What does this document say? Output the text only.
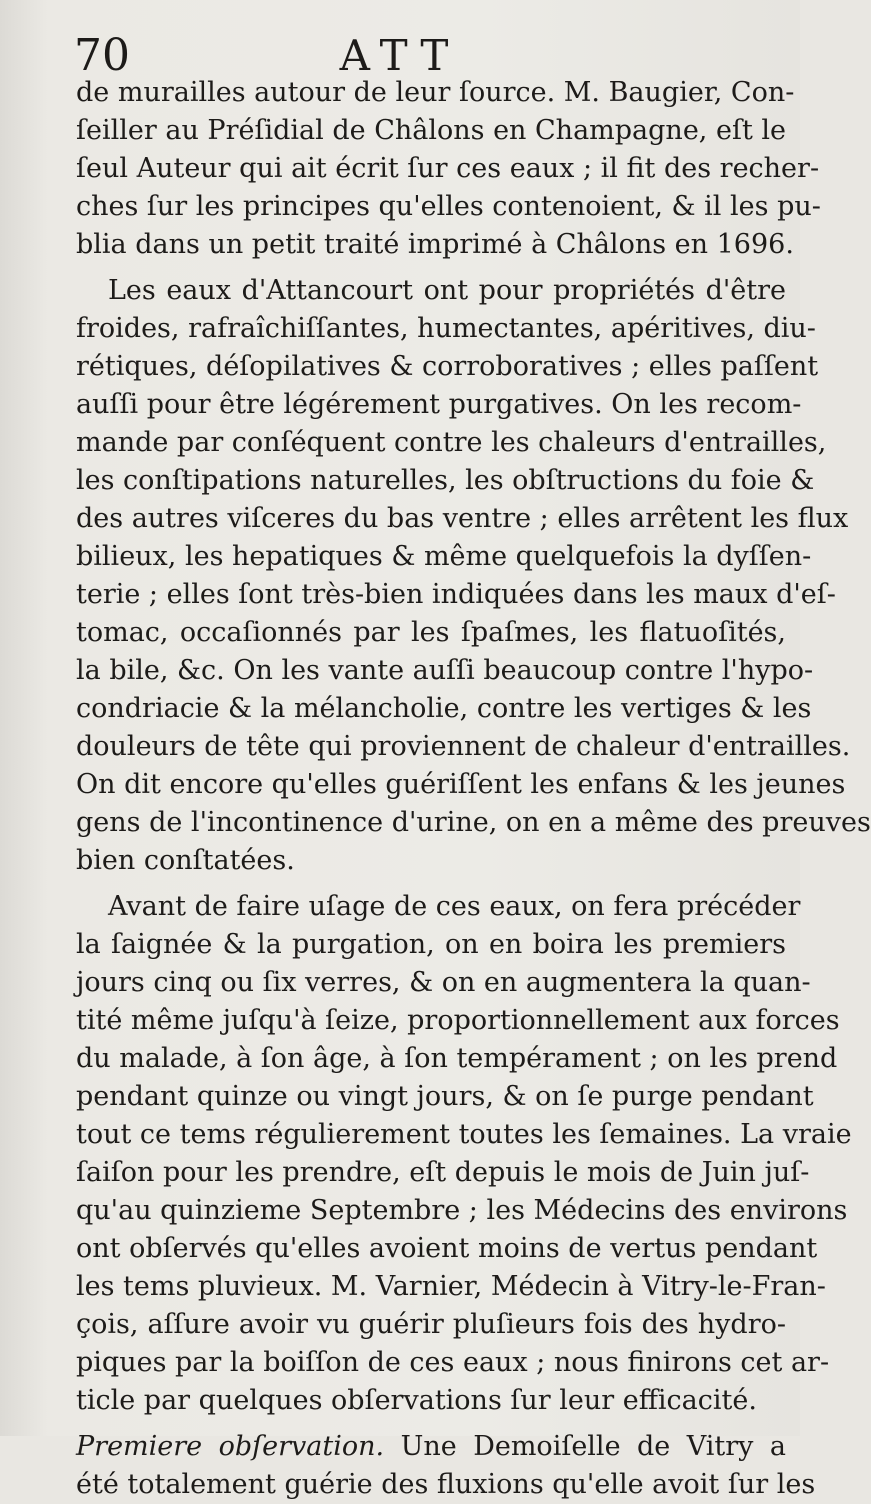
70	ATT
de murailles autour de leur ſource. M. Baugier, Con-
ſeiller au Préſidial de Châlons en Champagne, eſt le
ſeul Auteur qui ait écrit ſur ces eaux ; il fit des recher-
ches ſur les principes qu'elles contenoient, & il les pu-
blia dans un petit traité imprimé à Châlons en 1696.
Les eaux d'Attancourt ont pour propriétés d'être
froides, rafraîchiſſantes, humectantes, apéritives, diu-
rétiques, déſopilatives & corroboratives ; elles paſſent
auſſi pour être légérement purgatives. On les recom-
mande par conſéquent contre les chaleurs d'entrailles,
les conſtipations naturelles, les obſtructions du foie &
des autres viſceres du bas ventre ; elles arrêtent les flux
bilieux, les hepatiques & même quelquefois la dyſſen-
terie ; elles ſont très-bien indiquées dans les maux d'eſ-
tomac, occaſionnés par les ſpaſmes, les flatuoſités,
la bile, &c. On les vante auſſi beaucoup contre l'hypo-
condriacie & la mélancholie, contre les vertiges & les
douleurs de tête qui proviennent de chaleur d'entrailles.
On dit encore qu'elles guériſſent les enfans & les jeunes
gens de l'incontinence d'urine, on en a même des preuves
bien conſtatées.
Avant de faire uſage de ces eaux, on fera précéder
la ſaignée & la purgation, on en boira les premiers
jours cinq ou ſix verres, & on en augmentera la quan-
tité même juſqu'à ſeize, proportionnellement aux forces
du malade, à ſon âge, à ſon tempérament ; on les prend
pendant quinze ou vingt jours, & on ſe purge pendant
tout ce tems régulierement toutes les ſemaines. La vraie
ſaiſon pour les prendre, eſt depuis le mois de Juin juſ-
qu'au quinzieme Septembre ; les Médecins des environs
ont obſervés qu'elles avoient moins de vertus pendant
les tems pluvieux. M. Varnier, Médecin à Vitry-le-Fran-
çois, aſſure avoir vu guérir pluſieurs fois des hydro-
piques par la boiſſon de ces eaux ; nous finirons cet ar-
ticle par quelques obſervations ſur leur efficacité.
Premiere obſervation. Une Demoiſelle de Vitry a
été totalement guérie des fluxions qu'elle avoit ſur les
